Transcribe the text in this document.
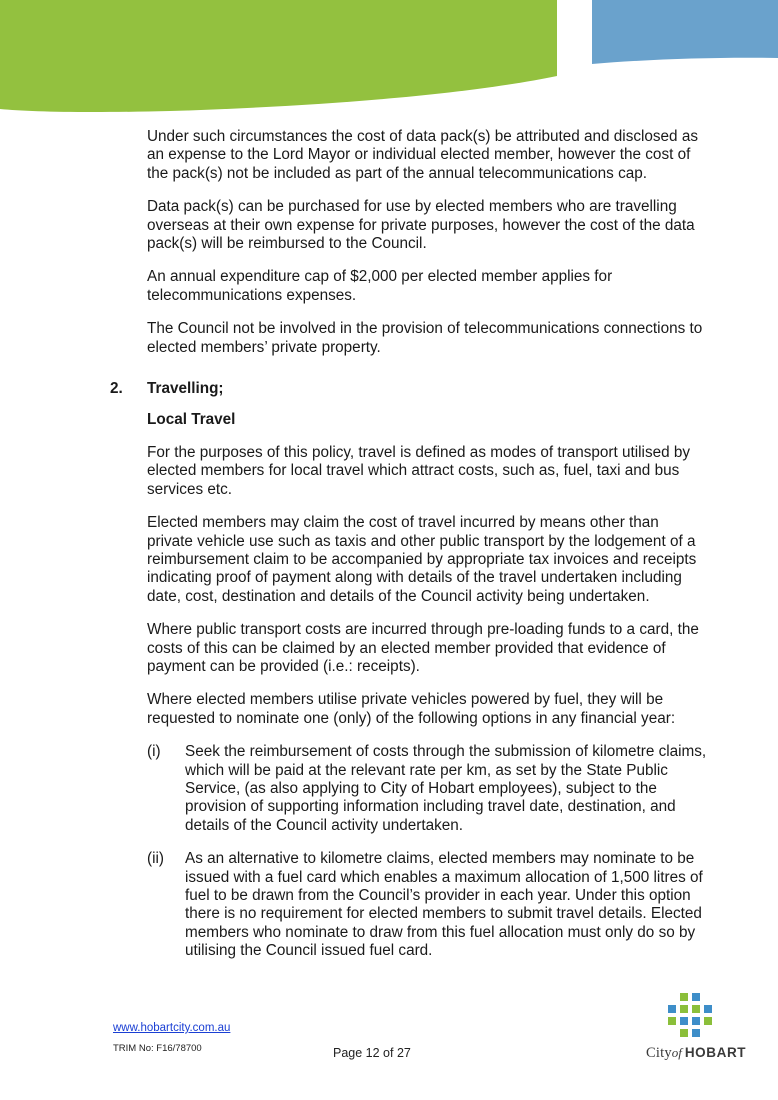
Under such circumstances the cost of data pack(s) be attributed and disclosed as an expense to the Lord Mayor or individual elected member, however the cost of the pack(s) not be included as part of the annual telecommunications cap.

Data pack(s) can be purchased for use by elected members who are travelling overseas at their own expense for private purposes, however the cost of the data pack(s) will be reimbursed to the Council.

An annual expenditure cap of $2,000 per elected member applies for telecommunications expenses.

The Council not be involved in the provision of telecommunications connections to elected members’ private property.

2. Travelling;
Local Travel

For the purposes of this policy, travel is defined as modes of transport utilised by elected members for local travel which attract costs, such as, fuel, taxi and bus services etc.

Elected members may claim the cost of travel incurred by means other than private vehicle use such as taxis and other public transport by the lodgement of a reimbursement claim to be accompanied by appropriate tax invoices and receipts indicating proof of payment along with details of the travel undertaken including date, cost, destination and details of the Council activity being undertaken.

Where public transport costs are incurred through pre-loading funds to a card, the costs of this can be claimed by an elected member provided that evidence of payment can be provided (i.e.: receipts).

Where elected members utilise private vehicles powered by fuel, they will be requested to nominate one (only) of the following options in any financial year:

(i) Seek the reimbursement of costs through the submission of kilometre claims, which will be paid at the relevant rate per km, as set by the State Public Service, (as also applying to City of Hobart employees), subject to the provision of supporting information including travel date, destination, and details of the Council activity undertaken.
(ii) As an alternative to kilometre claims, elected members may nominate to be issued with a fuel card which enables a maximum allocation of 1,500 litres of fuel to be drawn from the Council’s provider in each year. Under this option there is no requirement for elected members to submit travel details. Elected members who nominate to draw from this fuel allocation must only do so by utilising the Council issued fuel card.
www.hobartcity.com.au
TRIM No: F16/78700	Page 12 of 27	Cityof  HOBART
